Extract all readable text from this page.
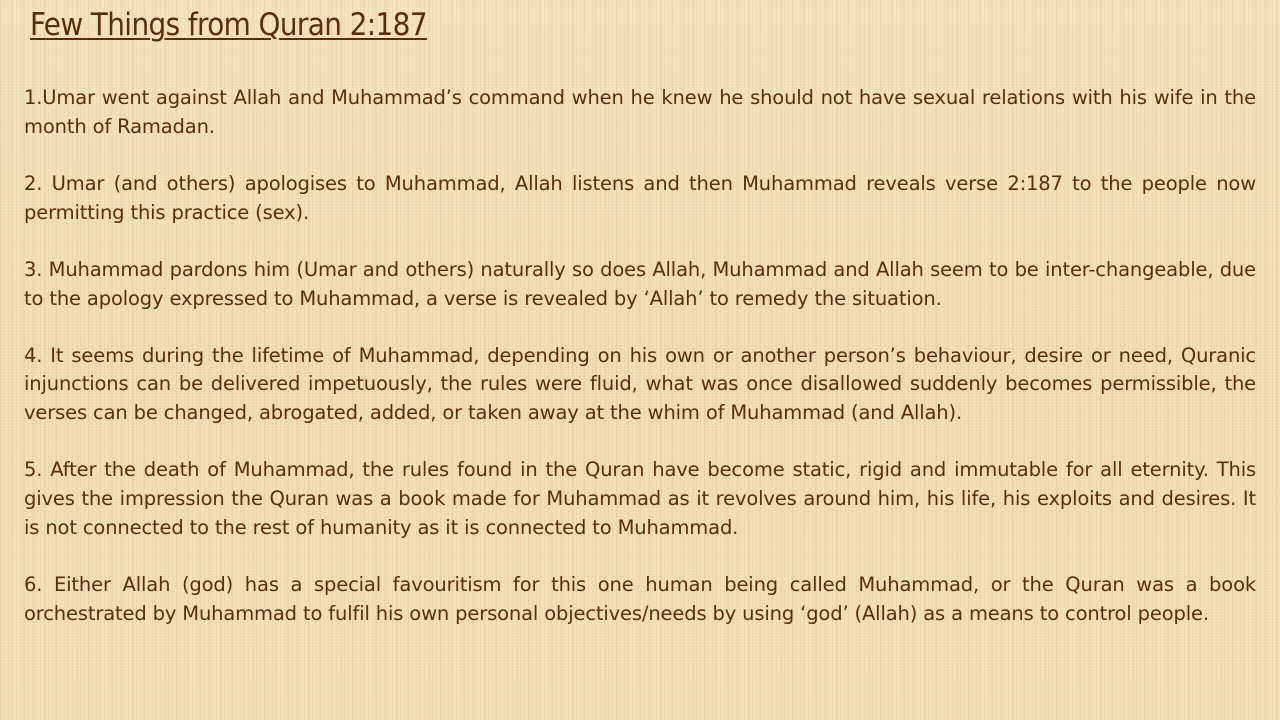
Few Things from Quran 2:187
1.Umar went against Allah and Muhammad’s command when he knew he should not have sexual relations with his wife in the month of Ramadan.
2. Umar (and others) apologises to Muhammad, Allah listens and then Muhammad reveals verse 2:187 to the people now permitting this practice (sex).
3. Muhammad pardons him (Umar and others) naturally so does Allah, Muhammad and Allah seem to be inter-changeable, due to the apology expressed to Muhammad, a verse is revealed by ‘Allah’ to remedy the situation.
4. It seems during the lifetime of Muhammad, depending on his own or another person’s behaviour, desire or need, Quranic injunctions can be delivered impetuously, the rules were fluid, what was once disallowed suddenly becomes permissible, the verses can be changed, abrogated, added, or taken away at the whim of Muhammad (and Allah).
5. After the death of Muhammad, the rules found in the Quran have become static, rigid and immutable for all eternity. This gives the impression the Quran was a book made for Muhammad as it revolves around him, his life, his exploits and desires. It is not connected to the rest of humanity as it is connected to Muhammad.
6. Either Allah (god) has a special favouritism for this one human being called Muhammad, or the Quran was a book orchestrated by Muhammad to fulfil his own personal objectives/needs by using ‘god’ (Allah) as a means to control people.
